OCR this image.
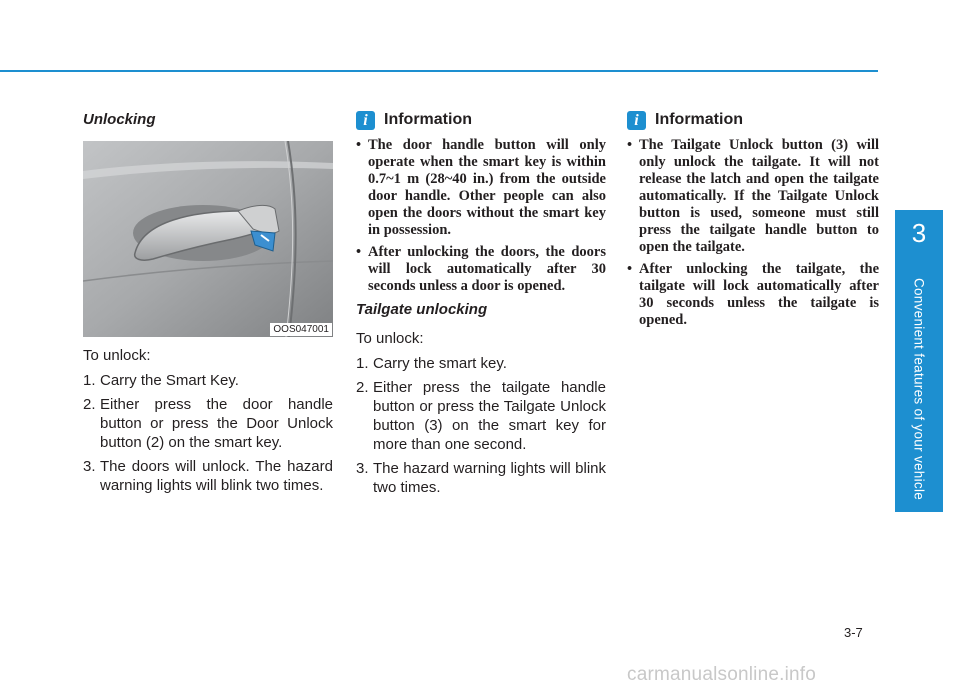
Unlocking
OOS047001

To unlock:

1. Carry the Smart Key.
2. Either press the door handle button or press the Door Unlock button (2) on the smart key.
3. The doors will unlock. The hazard warning lights will blink two times.
i	Information
• The door handle button will only operate when the smart key is within 0.7~1 m (28~40 in.) from the outside door handle. Other people can also open the doors without the smart key in possession.
• After unlocking the doors, the doors will lock automatically after 30 seconds unless a door is opened.
Tailgate unlocking

To unlock:

1. Carry the smart key.
2. Either press the tailgate handle button or press the Tailgate Unlock button (3) on the smart key for more than one second.
3. The hazard warning lights will blink two times.
i	Information
• The Tailgate Unlock button (3) will only unlock the tailgate. It will not release the latch and open the tailgate automatically. If the Tailgate Unlock button is used, someone must still press the tailgate handle button to open the tailgate.
• After unlocking the tailgate, the tailgate will lock automatically after 30 seconds unless the tailgate is opened.
3
Convenient features of your vehicle
3-7
carmanualsonline.info
